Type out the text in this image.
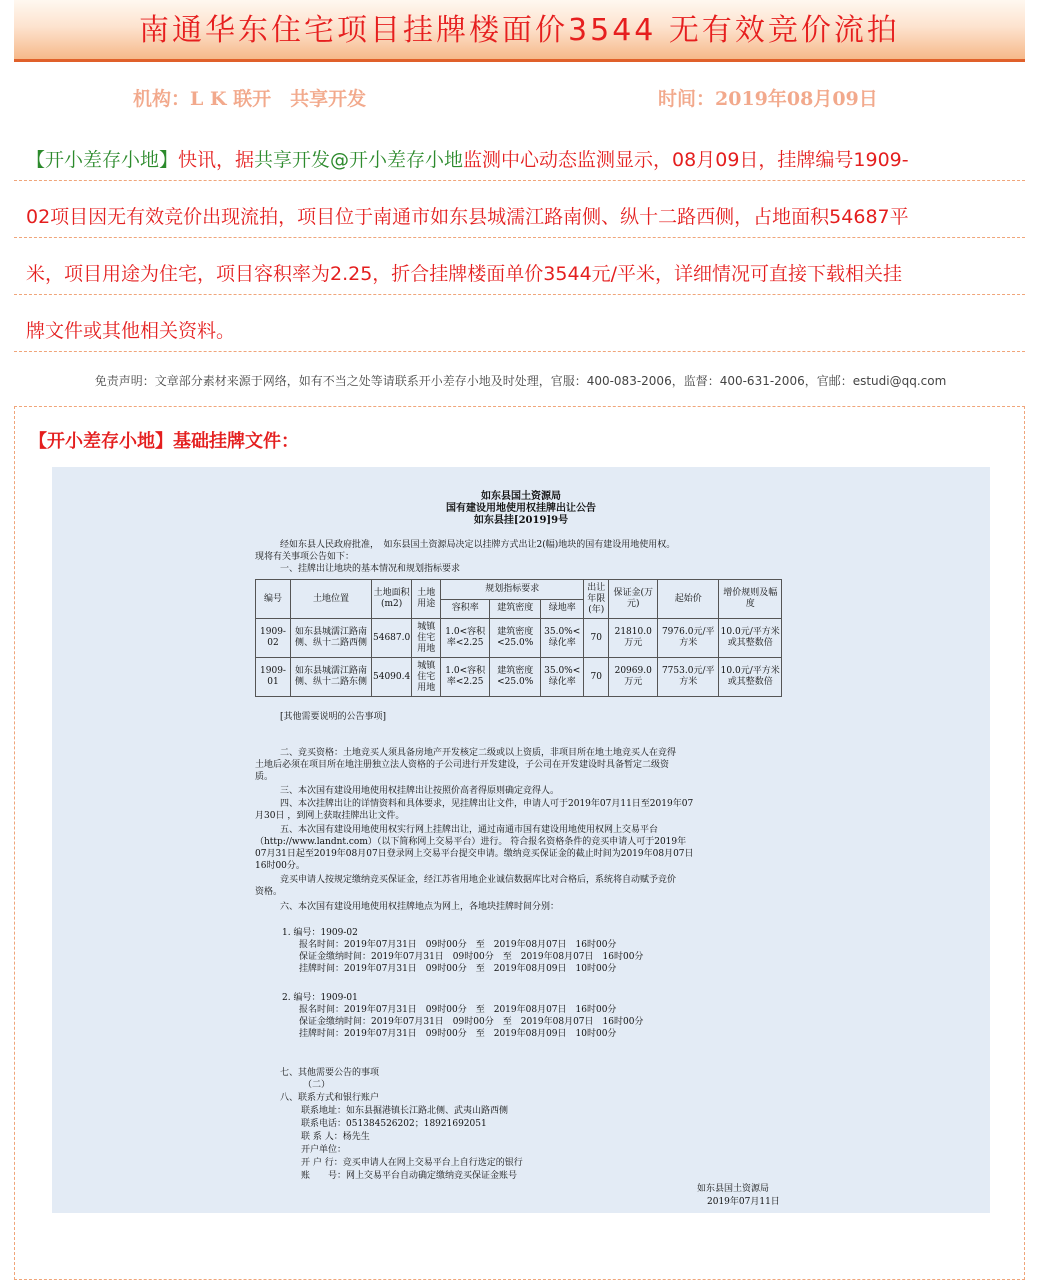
南通华东住宅项目挂牌楼面价3544 无有效竞价流拍
机构：L K 联开　共享开发	时间：2019年08月09日
【开小差存小地】快讯，据共享开发@开小差存小地监测中心动态监测显示，08月09日，挂牌编号1909-
02项目因无有效竞价出现流拍，项目位于南通市如东县城濡江路南侧、纵十二路西侧，占地面积54687平
米，项目用途为住宅，项目容积率为2.25，折合挂牌楼面单价3544元/平米，详细情况可直接下载相关挂
牌文件或其他相关资料。
免责声明：文章部分素材来源于网络，如有不当之处等请联系开小差存小地及时处理，官服：400-083-2006，监督：400-631-2006，官邮：estudi@qq.com
【开小差存小地】基础挂牌文件：
如东县国土资源局
国有建设用地使用权挂牌出让公告
如东县挂[2019]9号
经如东县人民政府批准，　如东县国土资源局决定以挂牌方式出让2(幅)地块的国有建设用地使用权。
现将有关事项公告如下：
一、挂牌出让地块的基本情况和规划指标要求
编号	土地位置	土地面积(m2)	土地用途	规划指标要求			出让年限(年)	保证金(万元)	起始价	增价规则及幅度
				容积率	建筑密度	绿地率				
1909-02	如东县城濡江路南侧、纵十二路西侧	54687.0	城镇住宅用地	1.0<容积率<2.25	建筑密度<25.0%	35.0%<绿化率	70	21810.0万元	7976.0元/平方米	10.0元/平方米或其整数倍
1909-01	如东县城濡江路南侧、纵十二路东侧	54090.4	城镇住宅用地	1.0<容积率<2.25	建筑密度<25.0%	35.0%<绿化率	70	20969.0万元	7753.0元/平方米	10.0元/平方米或其整数倍
[其他需要说明的公告事项]
二、竞买资格：土地竞买人须具备房地产开发核定二级或以上资质，非项目所在地土地竞买人在竞得
土地后必须在项目所在地注册独立法人资格的子公司进行开发建设，子公司在开发建设时具备暂定二级资
质。
三、本次国有建设用地使用权挂牌出让按照价高者得原则确定竞得人。
四、本次挂牌出让的详情资料和具体要求，见挂牌出让文件，申请人可于2019年07月11日至2019年07
月30日 ，到网上获取挂牌出让文件。
五、本次国有建设用地使用权实行网上挂牌出让，通过南通市国有建设用地使用权网上交易平台
（http://www.landnt.com）（以下简称网上交易平台）进行。 符合报名资格条件的竞买申请人可于2019年
07月31日起至2019年08月07日登录网上交易平台提交申请。缴纳竞买保证金的截止时间为2019年08月07日
16时00分。
竞买申请人按规定缴纳竞买保证金，经江苏省用地企业诚信数据库比对合格后，系统将自动赋予竞价
资格。
六、本次国有建设用地使用权挂牌地点为网上，各地块挂牌时间分别：
1. 编号：1909-02
报名时间：2019年07月31日　09时00分　至　2019年08月07日　16时00分
保证金缴纳时间：2019年07月31日　09时00分　至　2019年08月07日　16时00分
挂牌时间：2019年07月31日　09时00分　至　2019年08月09日　10时00分
2. 编号：1909-01
报名时间：2019年07月31日　09时00分　至　2019年08月07日　16时00分
保证金缴纳时间：2019年07月31日　09时00分　至　2019年08月07日　16时00分
挂牌时间：2019年07月31日　09时00分　至　2019年08月09日　10时00分
七、其他需要公告的事项
（二）
八、联系方式和银行账户
联系地址：如东县掘港镇长江路北侧、武夷山路西侧
联系电话：051384526202；18921692051
联 系 人：杨先生
开户单位：
开 户 行：竞买申请人在网上交易平台上自行选定的银行
账　　号：网上交易平台自动确定缴纳竞买保证金账号
如东县国土资源局
2019年07月11日
